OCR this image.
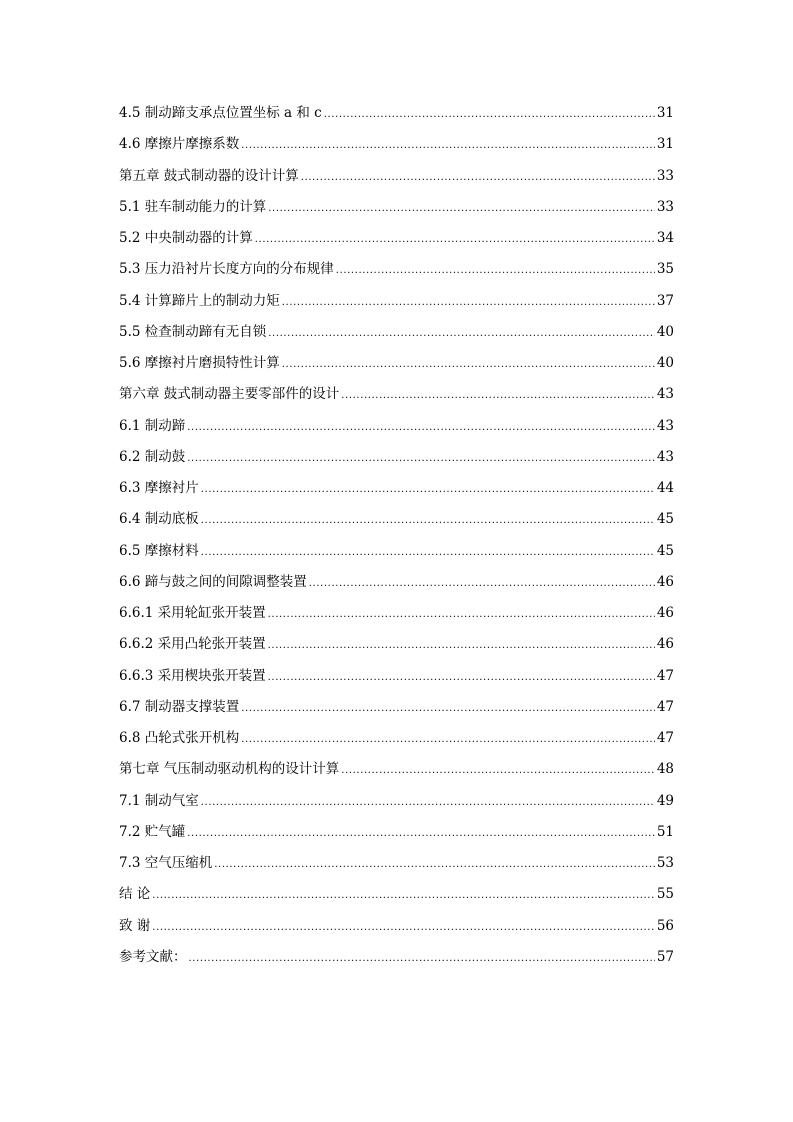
4.5 制动蹄支承点位置坐标 a 和 c .....	31
4.6 摩擦片摩擦系数 .....	31
第五章 鼓式制动器的设计计算 .....	33
5.1 驻车制动能力的计算 .....	33
5.2 中央制动器的计算 .....	34
5.3 压力沿衬片长度方向的分布规律 .....	35
5.4 计算蹄片上的制动力矩 .....	37
5.5 检查制动蹄有无自锁 .....	40
5.6 摩擦衬片磨损特性计算 .....	40
第六章 鼓式制动器主要零部件的设计 .....	43
6.1 制动蹄 .....	43
6.2 制动鼓 .....	43
6.3 摩擦衬片 .....	44
6.4 制动底板 .....	45
6.5 摩擦材料 .....	45
6.6 蹄与鼓之间的间隙调整装置 .....	46
6.6.1 采用轮缸张开装置 .....	46
6.6.2 采用凸轮张开装置 .....	46
6.6.3 采用楔块张开装置 .....	47
6.7 制动器支撑装置 .....	47
6.8 凸轮式张开机构 .....	47
第七章 气压制动驱动机构的设计计算 .....	48
7.1 制动气室 .....	49
7.2 贮气罐 .....	51
7.3 空气压缩机 .....	53
结 论 .....	55
致 谢 .....	56
参考文献： .....	57
